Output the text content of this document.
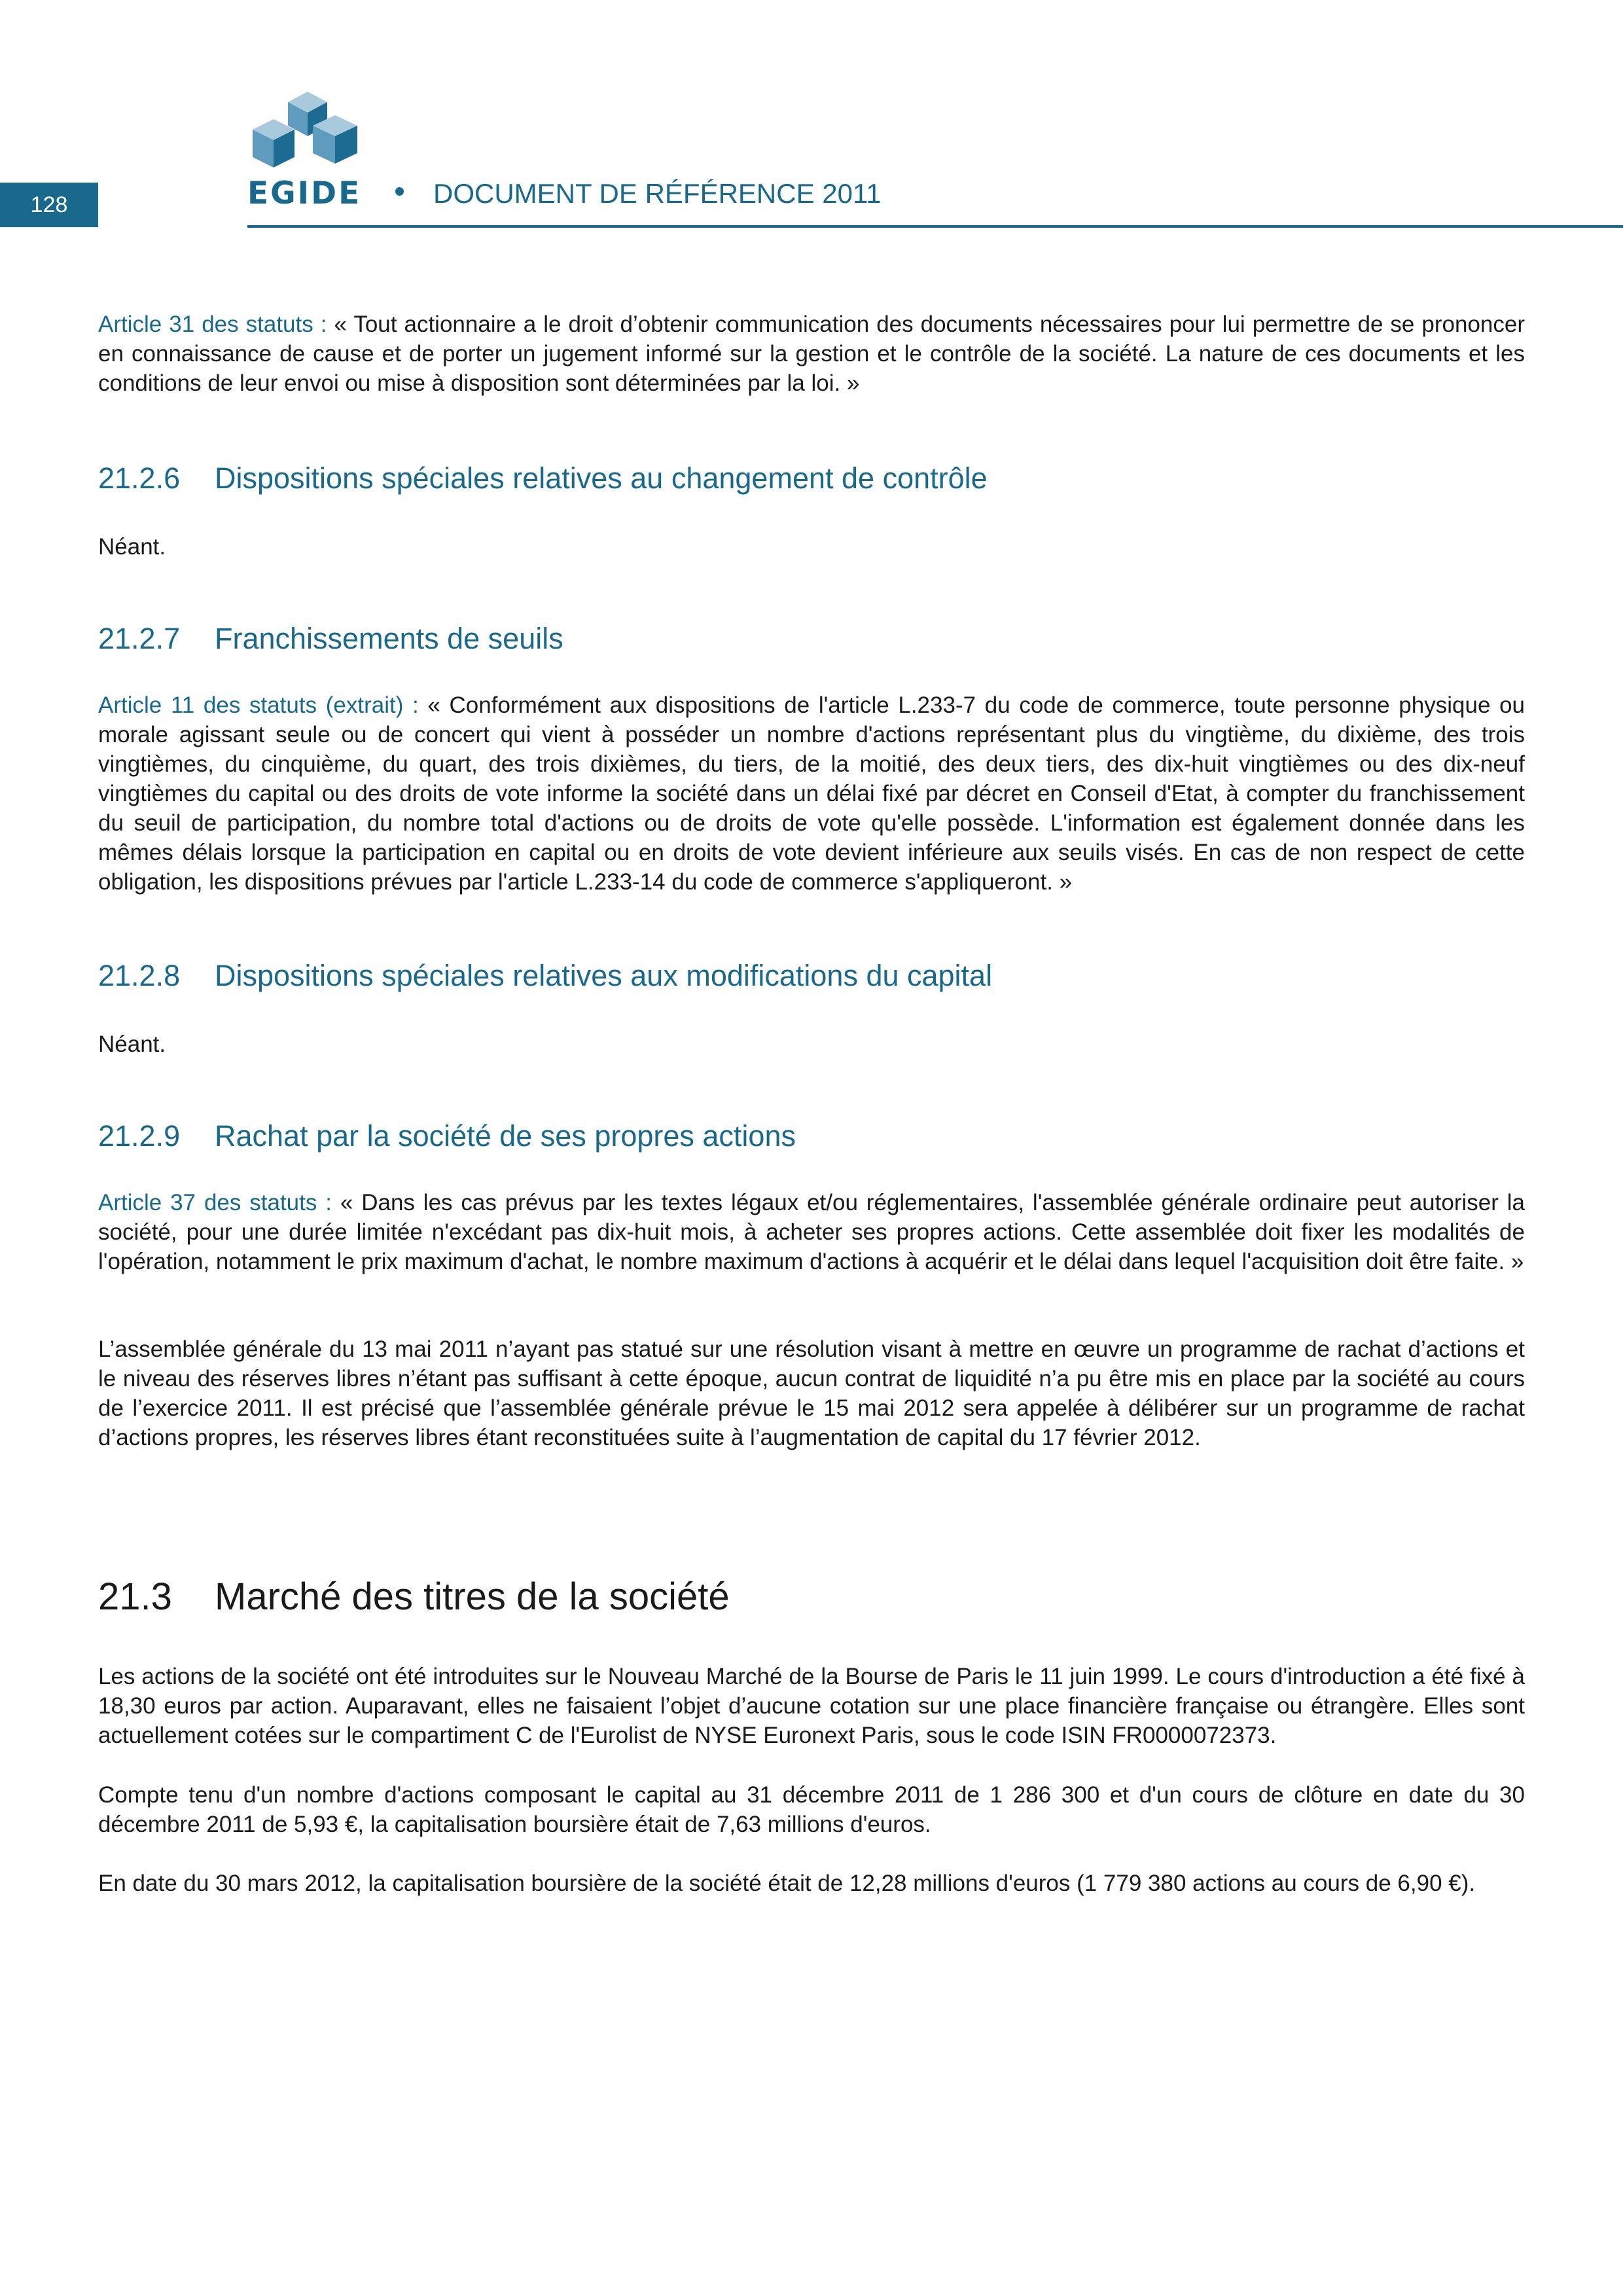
128	EGIDE	DOCUMENT DE RÉFÉRENCE 2011

Article 31 des statuts : « Tout actionnaire a le droit d’obtenir communication des documents nécessaires pour lui permettre de se prononcer en connaissance de cause et de porter un jugement informé sur la gestion et le contrôle de la société. La nature de ces documents et les conditions de leur envoi ou mise à disposition sont déterminées par la loi. »

21.2.6 Dispositions spéciales relatives au changement de contrôle

Néant.

21.2.7 Franchissements de seuils

Article 11 des statuts (extrait) : « Conformément aux dispositions de l'article L.233-7 du code de commerce, toute personne physique ou morale agissant seule ou de concert qui vient à posséder un nombre d'actions représentant plus du vingtième, du dixième, des trois vingtièmes, du cinquième, du quart, des trois dixièmes, du tiers, de la moitié, des deux tiers, des dix-huit vingtièmes ou des dix-neuf vingtièmes du capital ou des droits de vote informe la société dans un délai fixé par décret en Conseil d'Etat, à compter du franchissement du seuil de participation, du nombre total d'actions ou de droits de vote qu'elle possède. L'information est également donnée dans les mêmes délais lorsque la participation en capital ou en droits de vote devient inférieure aux seuils visés. En cas de non respect de cette obligation, les dispositions prévues par l'article L.233-14 du code de commerce s'appliqueront. »

21.2.8 Dispositions spéciales relatives aux modifications du capital

Néant.

21.2.9 Rachat par la société de ses propres actions

Article 37 des statuts : « Dans les cas prévus par les textes légaux et/ou réglementaires, l'assemblée générale ordinaire peut autoriser la société, pour une durée limitée n'excédant pas dix-huit mois, à acheter ses propres actions. Cette assemblée doit fixer les modalités de l'opération, notamment le prix maximum d'achat, le nombre maximum d'actions à acquérir et le délai dans lequel l'acquisition doit être faite. »

L’assemblée générale du 13 mai 2011 n’ayant pas statué sur une résolution visant à mettre en œuvre un programme de rachat d’actions et le niveau des réserves libres n’étant pas suffisant à cette époque, aucun contrat de liquidité n’a pu être mis en place par la société au cours de l’exercice 2011. Il est précisé que l’assemblée générale prévue le 15 mai 2012 sera appelée à délibérer sur un programme de rachat d’actions propres, les réserves libres étant reconstituées suite à l’augmentation de capital du 17 février 2012.

21.3 Marché des titres de la société

Les actions de la société ont été introduites sur le Nouveau Marché de la Bourse de Paris le 11 juin 1999. Le cours d'introduction a été fixé à 18,30 euros par action. Auparavant, elles ne faisaient l’objet d’aucune cotation sur une place financière française ou étrangère. Elles sont actuellement cotées sur le compartiment C de l'Eurolist de NYSE Euronext Paris, sous le code ISIN FR0000072373.

Compte tenu d'un nombre d'actions composant le capital au 31 décembre 2011 de 1 286 300 et d'un cours de clôture en date du 30 décembre 2011 de 5,93 €, la capitalisation boursière était de 7,63 millions d'euros.

En date du 30 mars 2012, la capitalisation boursière de la société était de 12,28 millions d'euros (1 779 380 actions au cours de 6,90 €).
